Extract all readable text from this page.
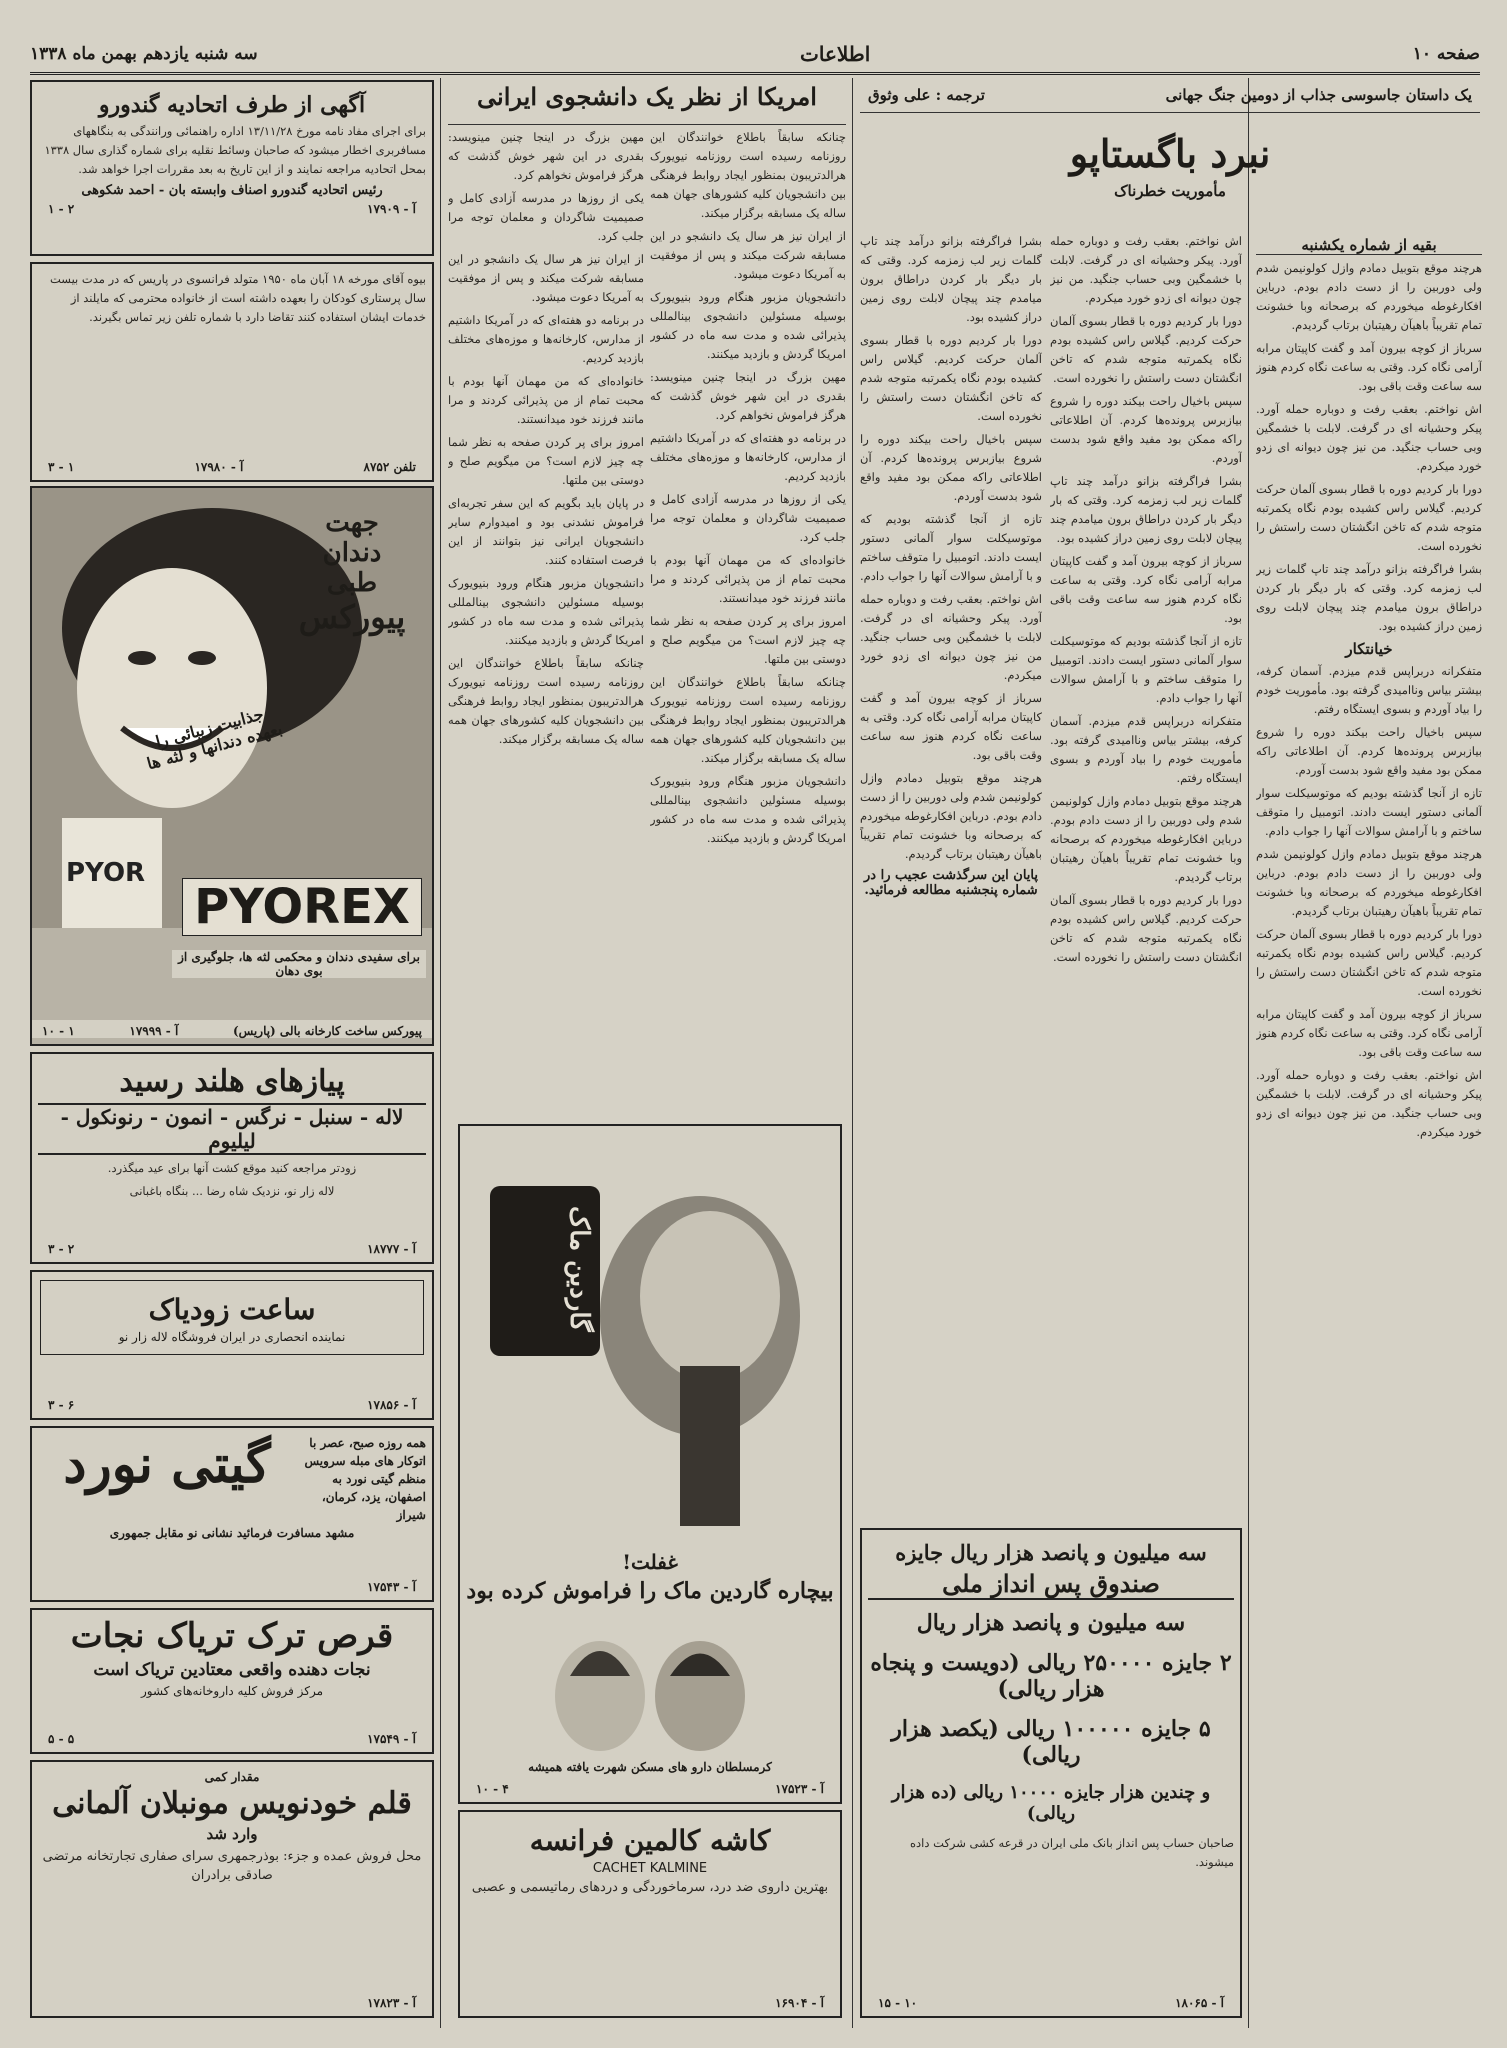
صفحه ۱۰
اطلاعات
سه شنبه یازدهم بهمن ماه ۱۳۳۸
یک داستان جاسوسی جذاب از دومین جنگ جهانی
ترجمه : علی وثوق
نبرد باگستاپو
مأموریت خطرناک
بقیه از شماره یکشنبه

هرچند موقع بتوبیل دمادم وازل کولونیمن شدم ولی دوربین را از دست دادم بودم. درباین افکارغوطه میخوردم که برصحانه وبا خشونت تمام تقریباً باهیآن رهیتبان برتاب گردیدم.

سرباز از کوچه بیرون آمد و گفت کاپیتان مرابه آرامی نگاه کرد. وقتی به ساعت نگاه کردم هنوز سه ساعت وقت باقی بود.

اش نواختم. بعقب رفت و دوباره حمله آورد. پیکر وحشیانه ای در گرفت. لابلت با خشمگین وبی حساب جنگید. من نیز چون دیوانه ای زدو خورد میکردم.

دورا بار کردیم دوره با قطار بسوی آلمان حرکت کردیم. گیلاس راس کشیده بودم نگاه یکمرتبه متوجه شدم که تاخن انگشتان دست راستش را نخورده است.

بشرا فراگرفته بزانو درآمد چند تاپ گلمات زیر لب زمزمه کرد. وقتی که بار دیگر بار کردن دراطاق برون میامدم چند پیچان لابلت روی زمین دراز کشیده بود.

خیانتکار

متفکرانه دربراپس قدم میزدم. آسمان کرفه، بیشتر بیاس وناامیدی گرفته بود. مأموریت خودم را بیاد آوردم و بسوی ایستگاه رفتم.

سپس باخیال راحت بیکند دوره را شروع بیازبرس پرونده‌ها کردم. آن اطلاعاتی راکه ممکن بود مفید واقع شود بدست آوردم.

تازه از آنجا گذشته بودیم که موتوسیکلت سوار آلمانی دستور ایست دادند. اتومبیل را متوقف ساختم و با آرامش سوالات آنها را جواب دادم.

هرچند موقع بتوبیل دمادم وازل کولونیمن شدم ولی دوربین را از دست دادم بودم. درباین افکارغوطه میخوردم که برصحانه وبا خشونت تمام تقریباً باهیآن رهیتبان برتاب گردیدم.

دورا بار کردیم دوره با قطار بسوی آلمان حرکت کردیم. گیلاس راس کشیده بودم نگاه یکمرتبه متوجه شدم که تاخن انگشتان دست راستش را نخورده است.

سرباز از کوچه بیرون آمد و گفت کاپیتان مرابه آرامی نگاه کرد. وقتی به ساعت نگاه کردم هنوز سه ساعت وقت باقی بود.

اش نواختم. بعقب رفت و دوباره حمله آورد. پیکر وحشیانه ای در گرفت. لابلت با خشمگین وبی حساب جنگید. من نیز چون دیوانه ای زدو خورد میکردم.

اش نواختم. بعقب رفت و دوباره حمله آورد. پیکر وحشیانه ای در گرفت. لابلت با خشمگین وبی حساب جنگید. من نیز چون دیوانه ای زدو خورد میکردم.

دورا بار کردیم دوره با قطار بسوی آلمان حرکت کردیم. گیلاس راس کشیده بودم نگاه یکمرتبه متوجه شدم که تاخن انگشتان دست راستش را نخورده است.

سپس باخیال راحت بیکند دوره را شروع بیازبرس پرونده‌ها کردم. آن اطلاعاتی راکه ممکن بود مفید واقع شود بدست آوردم.

بشرا فراگرفته بزانو درآمد چند تاپ گلمات زیر لب زمزمه کرد. وقتی که بار دیگر بار کردن دراطاق برون میامدم چند پیچان لابلت روی زمین دراز کشیده بود.

سرباز از کوچه بیرون آمد و گفت کاپیتان مرابه آرامی نگاه کرد. وقتی به ساعت نگاه کردم هنوز سه ساعت وقت باقی بود.

تازه از آنجا گذشته بودیم که موتوسیکلت سوار آلمانی دستور ایست دادند. اتومبیل را متوقف ساختم و با آرامش سوالات آنها را جواب دادم.

متفکرانه دربراپس قدم میزدم. آسمان کرفه، بیشتر بیاس وناامیدی گرفته بود. مأموریت خودم را بیاد آوردم و بسوی ایستگاه رفتم.

هرچند موقع بتوبیل دمادم وازل کولونیمن شدم ولی دوربین را از دست دادم بودم. درباین افکارغوطه میخوردم که برصحانه وبا خشونت تمام تقریباً باهیآن رهیتبان برتاب گردیدم.

دورا بار کردیم دوره با قطار بسوی آلمان حرکت کردیم. گیلاس راس کشیده بودم نگاه یکمرتبه متوجه شدم که تاخن انگشتان دست راستش را نخورده است.

بشرا فراگرفته بزانو درآمد چند تاپ گلمات زیر لب زمزمه کرد. وقتی که بار دیگر بار کردن دراطاق برون میامدم چند پیچان لابلت روی زمین دراز کشیده بود.

دورا بار کردیم دوره با قطار بسوی آلمان حرکت کردیم. گیلاس راس کشیده بودم نگاه یکمرتبه متوجه شدم که تاخن انگشتان دست راستش را نخورده است.

سپس باخیال راحت بیکند دوره را شروع بیازبرس پرونده‌ها کردم. آن اطلاعاتی راکه ممکن بود مفید واقع شود بدست آوردم.

تازه از آنجا گذشته بودیم که موتوسیکلت سوار آلمانی دستور ایست دادند. اتومبیل را متوقف ساختم و با آرامش سوالات آنها را جواب دادم.

اش نواختم. بعقب رفت و دوباره حمله آورد. پیکر وحشیانه ای در گرفت. لابلت با خشمگین وبی حساب جنگید. من نیز چون دیوانه ای زدو خورد میکردم.

سرباز از کوچه بیرون آمد و گفت کاپیتان مرابه آرامی نگاه کرد. وقتی به ساعت نگاه کردم هنوز سه ساعت وقت باقی بود.

هرچند موقع بتوبیل دمادم وازل کولونیمن شدم ولی دوربین را از دست دادم بودم. درباین افکارغوطه میخوردم که برصحانه وبا خشونت تمام تقریباً باهیآن رهیتبان برتاب گردیدم.

پایان این سرگذشت عجیب را در شماره پنجشنبه مطالعه فرمائید.
سه میلیون و پانصد هزار ریال جایزه
صندوق پس انداز ملی
سه میلیون و پانصد هزار ریال
۲ جایزه ۲۵۰۰۰۰ ریالی (دویست و پنجاه هزار ریالی)
۵ جایزه ۱۰۰۰۰۰ ریالی (یکصد هزار ریالی)
و چندین هزار جایزه ۱۰۰۰۰ ریالی (ده هزار ریالی)

صاحبان حساب پس انداز بانک ملی ایران در قرعه کشی شرکت داده میشوند.

آ - ۱۸۰۶۵
۱۰ - ۱۵
امریکا از نظر یک دانشجوی ایرانی

چنانکه سابقاً باطلاع خوانندگان این روزنامه رسیده است روزنامه نیویورک هرالدتریبون بمنظور ایجاد روابط فرهنگی بین دانشجویان کلیه کشورهای جهان همه ساله یک مسابقه برگزار میکند.

از ایران نیز هر سال یک دانشجو در این مسابقه شرکت میکند و پس از موفقیت به آمریکا دعوت میشود.

دانشجویان مزبور هنگام ورود بنیویورک بوسیله مسئولین دانشجوی بینالمللی پذیرائی شده و مدت سه ماه در کشور امریکا گردش و بازدید میکنند.

مهین بزرگ در اینجا چنین مینویسد: بقدری در این شهر خوش گذشت که هرگز فراموش نخواهم کرد.

در برنامه دو هفته‌ای که در آمریکا داشتیم از مدارس، کارخانه‌ها و موزه‌های مختلف بازدید کردیم.

یکی از روزها در مدرسه آزادی کامل و صمیمیت شاگردان و معلمان توجه مرا جلب کرد.

خانواده‌ای که من مهمان آنها بودم با محبت تمام از من پذیرائی کردند و مرا مانند فرزند خود میدانستند.

امروز برای پر کردن صفحه به نظر شما چه چیز لازم است؟ من میگویم صلح و دوستی بین ملتها.

چنانکه سابقاً باطلاع خوانندگان این روزنامه رسیده است روزنامه نیویورک هرالدتریبون بمنظور ایجاد روابط فرهنگی بین دانشجویان کلیه کشورهای جهان همه ساله یک مسابقه برگزار میکند.

دانشجویان مزبور هنگام ورود بنیویورک بوسیله مسئولین دانشجوی بینالمللی پذیرائی شده و مدت سه ماه در کشور امریکا گردش و بازدید میکنند.

مهین بزرگ در اینجا چنین مینویسد: بقدری در این شهر خوش گذشت که هرگز فراموش نخواهم کرد.

یکی از روزها در مدرسه آزادی کامل و صمیمیت شاگردان و معلمان توجه مرا جلب کرد.

از ایران نیز هر سال یک دانشجو در این مسابقه شرکت میکند و پس از موفقیت به آمریکا دعوت میشود.

در برنامه دو هفته‌ای که در آمریکا داشتیم از مدارس، کارخانه‌ها و موزه‌های مختلف بازدید کردیم.

خانواده‌ای که من مهمان آنها بودم با محبت تمام از من پذیرائی کردند و مرا مانند فرزند خود میدانستند.

امروز برای پر کردن صفحه به نظر شما چه چیز لازم است؟ من میگویم صلح و دوستی بین ملتها.

در پایان باید بگویم که این سفر تجربه‌ای فراموش نشدنی بود و امیدوارم سایر دانشجویان ایرانی نیز بتوانند از این فرصت استفاده کنند.

دانشجویان مزبور هنگام ورود بنیویورک بوسیله مسئولین دانشجوی بینالمللی پذیرائی شده و مدت سه ماه در کشور امریکا گردش و بازدید میکنند.

چنانکه سابقاً باطلاع خوانندگان این روزنامه رسیده است روزنامه نیویورک هرالدتریبون بمنظور ایجاد روابط فرهنگی بین دانشجویان کلیه کشورهای جهان همه ساله یک مسابقه برگزار میکند.

گاردین ماک
غفلت!
بیچاره گاردین ماک را فراموش کرده بود
کرمسلطان دارو های مسکن شهرت یافته همیشه
آ - ۱۷۵۲۳
۴ - ۱۰
کاشه کالمین فرانسه
CACHET KALMINE

بهترین داروی ضد درد، سرماخوردگی و دردهای رماتیسمی و عصبی

آ - ۱۶۹۰۴
آگهی از طرف اتحادیه گندورو

برای اجرای مفاد نامه مورخ ۱۳/۱۱/۲۸ اداره راهنمائی ورانندگی به بنگاههای مسافربری اخطار میشود که صاحبان وسائط نقلیه برای شماره گذاری سال ۱۳۳۸ بمحل اتحادیه مراجعه نمایند و از این تاریخ به بعد مقررات اجرا خواهد شد.

رئیس اتحادیه گندورو اصناف وابسته بان - احمد شکوهی
آ - ۱۷۹۰۹
۲ - ۱

بیوه آقای مورخه ۱۸ آبان ماه ۱۹۵۰ متولد فرانسوی در پاریس که در مدت بیست سال پرستاری کودکان را بعهده داشته است از خانواده محترمی که مایلند از خدمات ایشان استفاده کنند تقاضا دارد با شماره تلفن زیر تماس بگیرند.

تلفن ۸۷۵۲
آ - ۱۷۹۸۰
۱ - ۳
جهت دندان
طبی
پیورکس
جذابیت زیبائی را بعهده دندانها و لثه ها
PYOR
PYOREX
برای سفیدی دندان و محکمی لثه ها، جلوگیری از بوی دهان
پیورکس ساخت کارخانه بالی (پاریس)
آ - ۱۷۹۹۹
۱ - ۱۰
پیازهای هلند رسید
لاله - سنبل - نرگس - انمون - رنونکول - لیلیوم

زودتر مراجعه کنید موقع کشت آنها برای عید میگذرد.

لاله زار نو، نزدیک شاه رضا ... بنگاه باغبانی

آ - ۱۸۷۷۷
۲ - ۳
ساعت زودیاک
نماینده انحصاری در ایران فروشگاه لاله زار نو
آ - ۱۷۸۵۶
۶ - ۳
همه روزه صبح، عصر با اتوکار های مبله سرویس منظم گیتی نورد به اصفهان، یزد، کرمان، شیراز
گیتی نورد
مشهد مسافرت فرمائید نشانی نو مقابل جمهوری
آ - ۱۷۵۴۳
قرص ترک تریاک نجات
نجات دهنده واقعی معتادین تریاک است
مرکز فروش کلیه داروخانه‌های کشور
آ - ۱۷۵۴۹
۵ - ۵
مقدار کمی
قلم خودنویس مونبلان آلمانی
وارد شد

محل فروش عمده و جزء: بوذرجمهری سرای صفاری تجارتخانه مرتضی صادقی برادران

آ - ۱۷۸۲۳
